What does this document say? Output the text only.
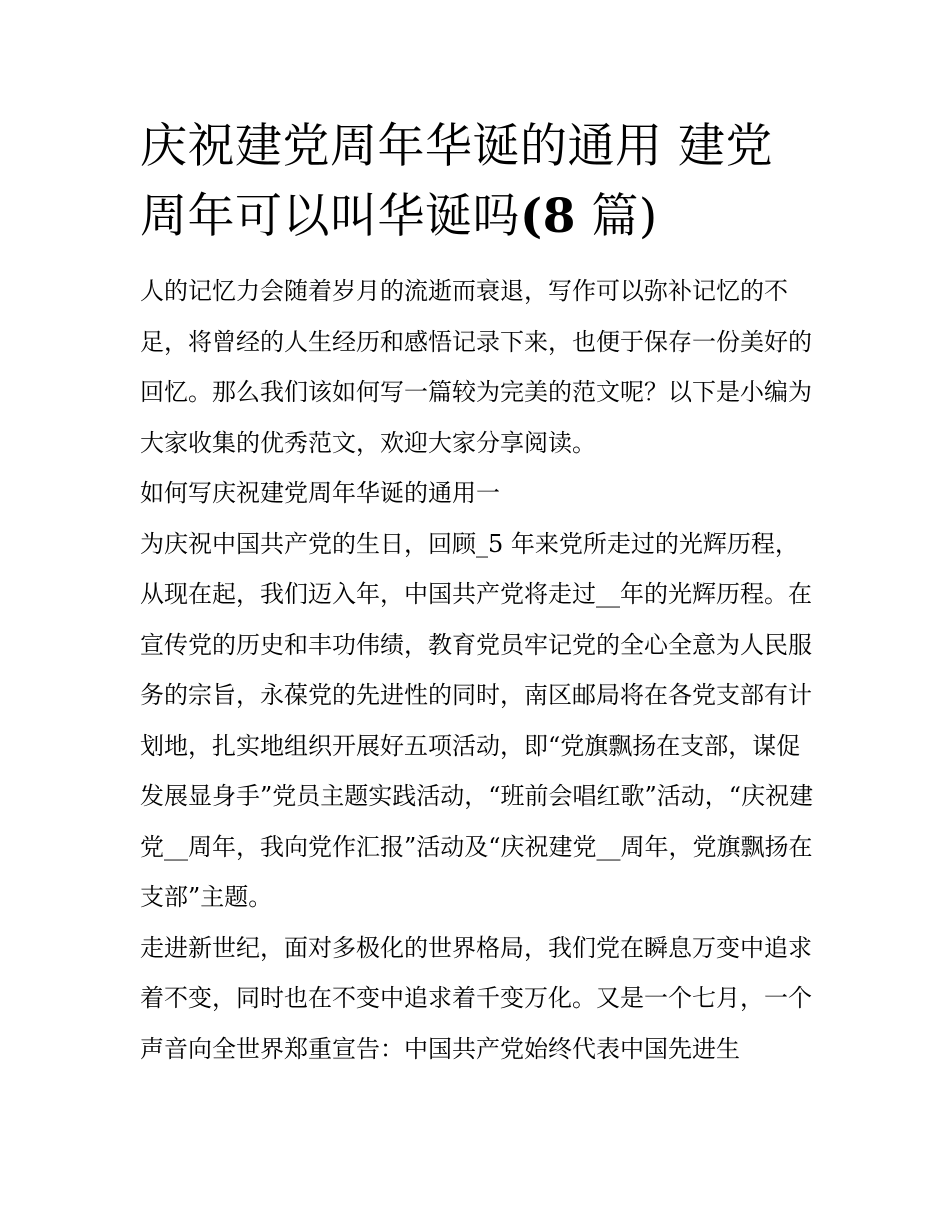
庆祝建党周年华诞的通用 建党
周年可以叫华诞吗(8 篇)

人的记忆力会随着岁月的流逝而衰退，写作可以弥补记忆的不足，将曾经的人生经历和感悟记录下来，也便于保存一份美好的回忆。那么我们该如何写一篇较为完美的范文呢？以下是小编为大家收集的优秀范文，欢迎大家分享阅读。

如何写庆祝建党周年华诞的通用一

为庆祝中国共产党的生日，回顾_5 年来党所走过的光辉历程，从现在起，我们迈入年，中国共产党将走过__年的光辉历程。在宣传党的历史和丰功伟绩，教育党员牢记党的全心全意为人民服务的宗旨，永葆党的先进性的同时，南区邮局将在各党支部有计划地，扎实地组织开展好五项活动，即“党旗飘扬在支部，谋促发展显身手”党员主题实践活动，“班前会唱红歌”活动，“庆祝建党__周年，我向党作汇报”活动及“庆祝建党__周年，党旗飘扬在支部”主题。

走进新世纪，面对多极化的世界格局，我们党在瞬息万变中追求着不变，同时也在不变中追求着千变万化。又是一个七月，一个声音向全世界郑重宣告：中国共产党始终代表中国先进生
